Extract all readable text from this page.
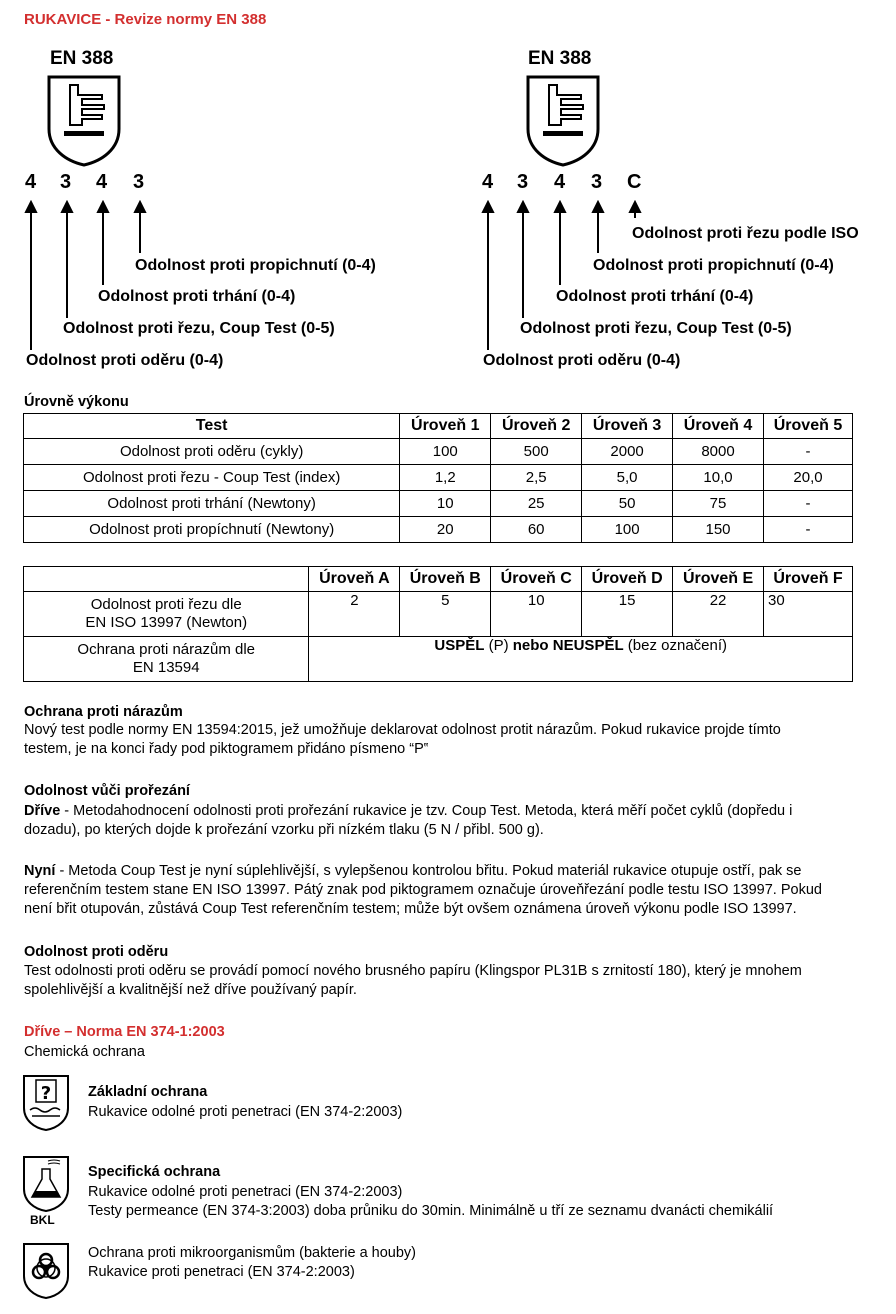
RUKAVICE - Revize normy EN 388
EN 388
4 3 4 3
Odolnost proti propichnutí (0-4)
Odolnost proti trhání (0-4)
Odolnost proti řezu, Coup Test (0-5)
Odolnost proti oděru (0-4)
EN 388
4 3 4 3 C
Odolnost proti řezu podle ISO
Odolnost proti propichnutí (0-4)
Odolnost proti trhání (0-4)
Odolnost proti řezu, Coup Test (0-5)
Odolnost proti oděru (0-4)
Úrovně výkonu
Test	Úroveň 1	Úroveň 2	Úroveň 3	Úroveň 4	Úroveň 5
Odolnost proti oděru (cykly)	100	500	2000	8000	-
Odolnost proti řezu - Coup Test (index)	1,2	2,5	5,0	10,0	20,0
Odolnost proti trhání (Newtony)	10	25	50	75	-
Odolnost proti propíchnutí (Newtony)	20	60	100	150	-
	Úroveň A	Úroveň B	Úroveň C	Úroveň D	Úroveň E	Úroveň F

Odolnost proti řezu dle
EN ISO 13997 (Newton)	2	5	10	15	22	30

Ochrana proti nárazům dle
EN 13594	USPĚL (P) nebo NEUSPĚL (bez označení)					
Ochrana proti nárazům
Nový test podle normy EN 13594:2015, jež umožňuje deklarovat odolnost protit nárazům. Pokud rukavice projde tímto
testem, je na konci řady pod piktogramem přidáno písmeno “P‟
Odolnost vůči prořezání
Dříve - Metodahodnocení odolnosti proti prořezání rukavice je tzv. Coup Test. Metoda, která měří počet cyklů (dopředu i
dozadu), po kterých dojde k prořezání vzorku při nízkém tlaku (5 N / přibl. 500 g).
Nyní - Metoda Coup Test je nyní súplehlivější, s vylepšenou kontrolou břitu. Pokud materiál rukavice otupuje ostří, pak se
referenčním testem stane EN ISO 13997. Pátý znak pod piktogramem označuje úroveňřezání podle testu ISO 13997. Pokud
není břit otupován, zůstává Coup Test referenčním testem; může být ovšem oznámena úroveň výkonu podle ISO 13997.
Odolnost proti oděru
Test odolnosti proti oděru se provádí pomocí nového brusného papíru (Klingspor PL31B s zrnitostí 180), který je mnohem
spolehlivější a kvalitnější než dříve používaný papír.
Dříve – Norma EN 374-1:2003
Chemická ochrana
?	Základní ochrana
Rukavice odolné proti penetraci (EN 374-2:2003)
BKL
Specifická ochrana
Rukavice odolné proti penetraci (EN 374-2:2003)
Testy permeance (EN 374-3:2003) doba průniku do 30min. Minimálně u tří ze seznamu dvanácti chemikálií
Ochrana proti mikroorganismům (bakterie a houby)
Rukavice proti penetraci (EN 374-2:2003)
